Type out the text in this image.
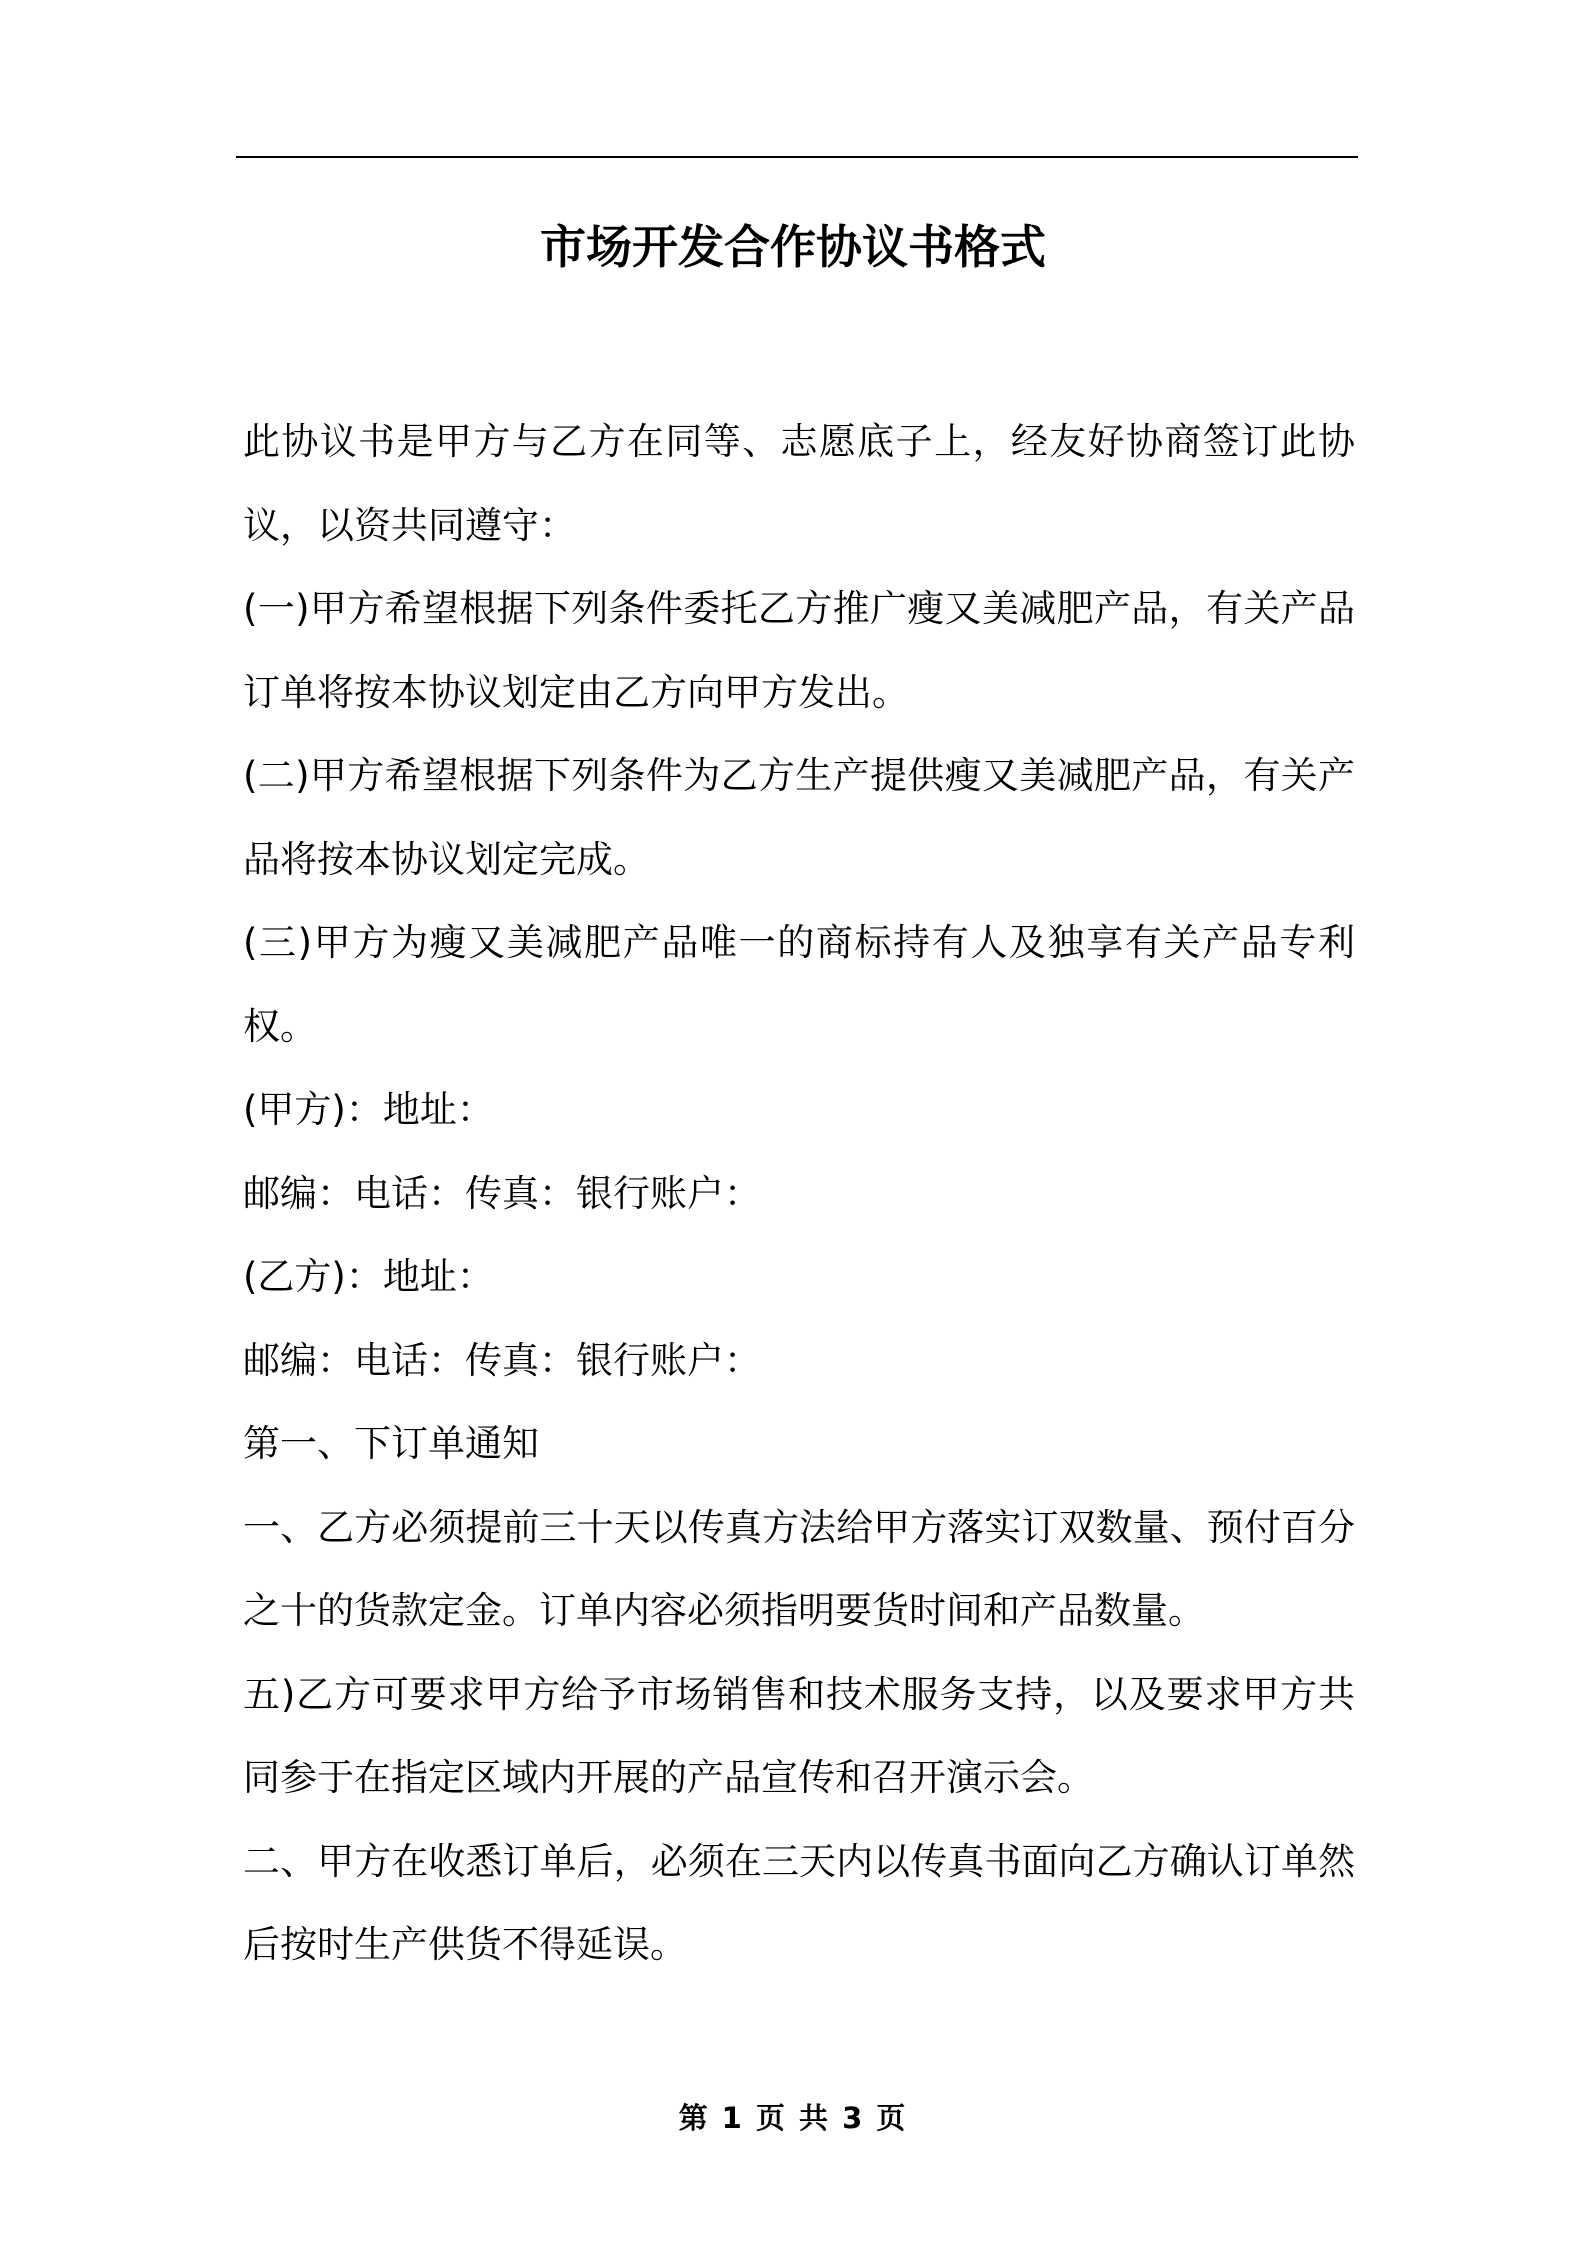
市场开发合作协议书格式

此协议书是甲方与乙方在同等、志愿底子上，经友好协商签订此协议，以资共同遵守：

(一)甲方希望根据下列条件委托乙方推广瘦又美减肥产品，有关产品订单将按本协议划定由乙方向甲方发出。

(二)甲方希望根据下列条件为乙方生产提供瘦又美减肥产品，有关产品将按本协议划定完成。

(三)甲方为瘦又美减肥产品唯一的商标持有人及独享有关产品专利权。

(甲方)：地址：

邮编：电话：传真：银行账户：

(乙方)：地址：

邮编：电话：传真：银行账户：

第一、下订单通知

一、乙方必须提前三十天以传真方法给甲方落实订双数量、预付百分之十的货款定金。订单内容必须指明要货时间和产品数量。

五)乙方可要求甲方给予市场销售和技术服务支持，以及要求甲方共同参于在指定区域内开展的产品宣传和召开演示会。

二、甲方在收悉订单后，必须在三天内以传真书面向乙方确认订单然后按时生产供货不得延误。

第 1 页 共 3 页
